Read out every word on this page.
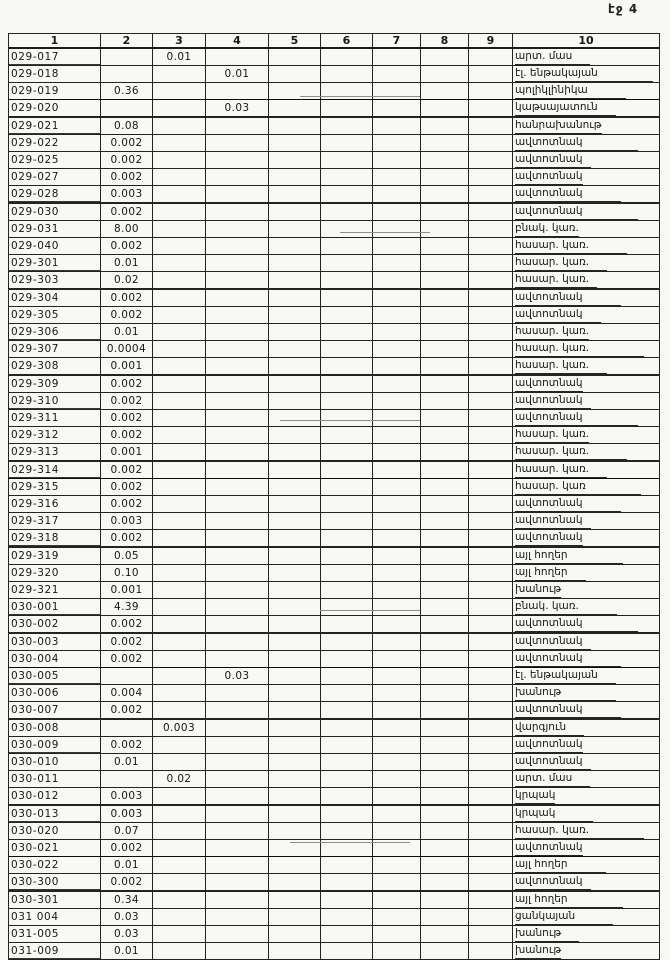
էջ 4
1	2	3	4	5	6	7	8	9	10
029-017		0.01							արտ. մաս
029-018			0.01						էլ. ենթակայան
029-019	0.36								պոլիկլինիկա
029-020			0.03						կաթսայատուն
029-021	0.08								հանրախանութ
029-022	0.002								ավտոտնակ
029-025	0.002								ավտոտնակ
029-027	0.002								ավտոտնակ
029-028	0.003								ավտոտնակ
029-030	0.002								ավտոտնակ
029-031	8.00								բնակ. կառ.
029-040	0.002								հասար. կառ.
029-301	0.01								հասար. կառ.
029-303	0.02								հասար. կառ.
029-304	0.002								ավտոտնակ
029-305	0.002								ավտոտնակ
029-306	0.01								հասար. կառ.
029-307	0.0004								հասար. կառ.
029-308	0.001								հասար. կառ.
029-309	0.002								ավտոտնակ
029-310	0.002								ավտոտնակ
029-311	0.002								ավտոտնակ
029-312	0.002								հասար. կառ.
029-313	0.001								հասար. կառ.
029-314	0.002								հասար. կառ.
029-315	0.002								հասար. կառ
029-316	0.002								ավտոտնակ
029-317	0.003								ավտոտնակ
029-318	0.002								ավտոտնակ
029-319	0.05								այլ հողեր
029-320	0.10								այլ հողեր
029-321	0.001								խանութ
030-001	4.39								բնակ. կառ.
030-002	0.002								ավտոտնակ
030-003	0.002								ավտոտնակ
030-004	0.002								ավտոտնակ
030-005			0.03						էլ. ենթակայան
030-006	0.004								խանութ
030-007	0.002								ավտոտնակ
030-008		0.003							վարգյուն
030-009	0.002								ավտոտնակ
030-010	0.01								ավտոտնակ
030-011		0.02							արտ. մաս
030-012	0.003								կրպակ
030-013	0.003								կրպակ
030-020	0.07								հասար. կառ.
030-021	0.002								ավտոտնակ
030-022	0.01								այլ հողեր
030-300	0.002								ավտոտնակ
030-301	0.34								այլ հողեր
031 004	0.03								ցանկայան
031-005	0.03								խանութ
031-009	0.01								խանութ
